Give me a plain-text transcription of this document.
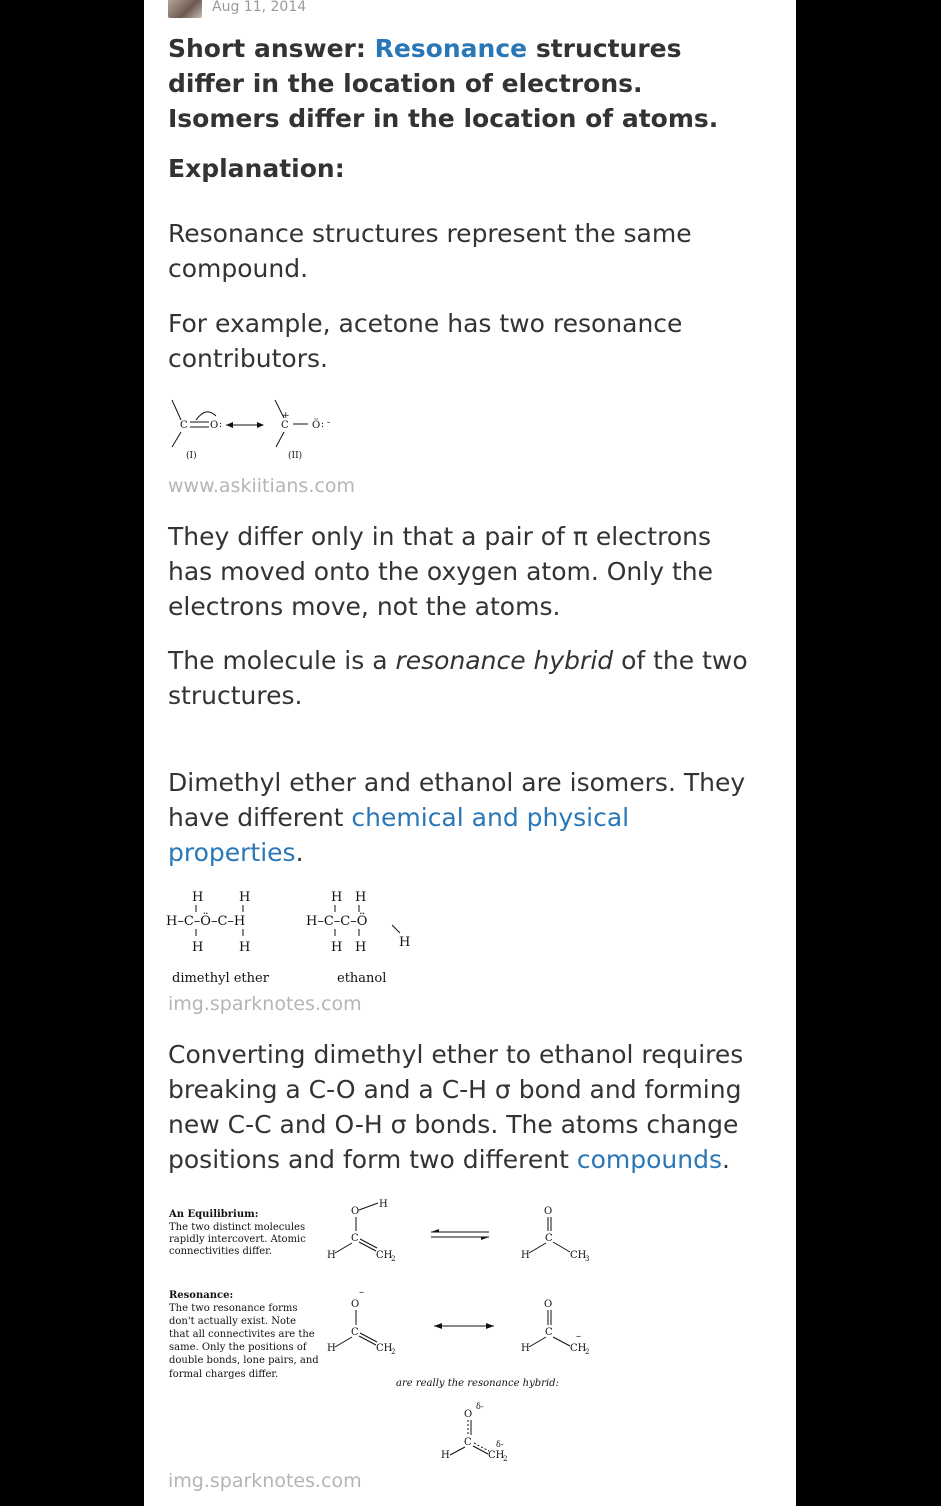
Aug 11, 2014
Short answer: Resonance structures differ in the location of electrons. Isomers differ in the location of atoms.
Explanation:
Resonance structures represent the same compound.
For example, acetone has two resonance contributors.
C O :	C
+
Ö : -
(I)	(II)
www.askiitians.com
They differ only in that a pair of π electrons has moved onto the oxygen atom. Only the electrons move, not the atoms.
The molecule is a resonance hybrid of the two structures.
Dimethyl ether and ethanol are isomers. They have different chemical and physical properties.
H	H
H–C–Ö–C–H
H	H
H H
H–C–C–Ö
H H	H
dimethyl ether	ethanol
img.sparknotes.com
Converting dimethyl ether to ethanol requires breaking a C-O and a C-H σ bond and forming new C-C and O-H σ bonds. The atoms change positions and form two different compounds.
An Equilibrium:
The two distinct molecules
rapidly intercovert. Atomic
connectivities differ.
Resonance:
The two resonance forms
don't actually exist. Note
that all connectivites are the
same. Only the positions of
double bonds, lone pairs, and
formal charges differ.
are really the resonance hybrid:
O
H
C
H	CH
2
O
C
H	CH
3
O
–
C
H	CH
2
O
C
H	CH
2
–
O
δ-
C
H	CH
2
δ-
img.sparknotes.com
